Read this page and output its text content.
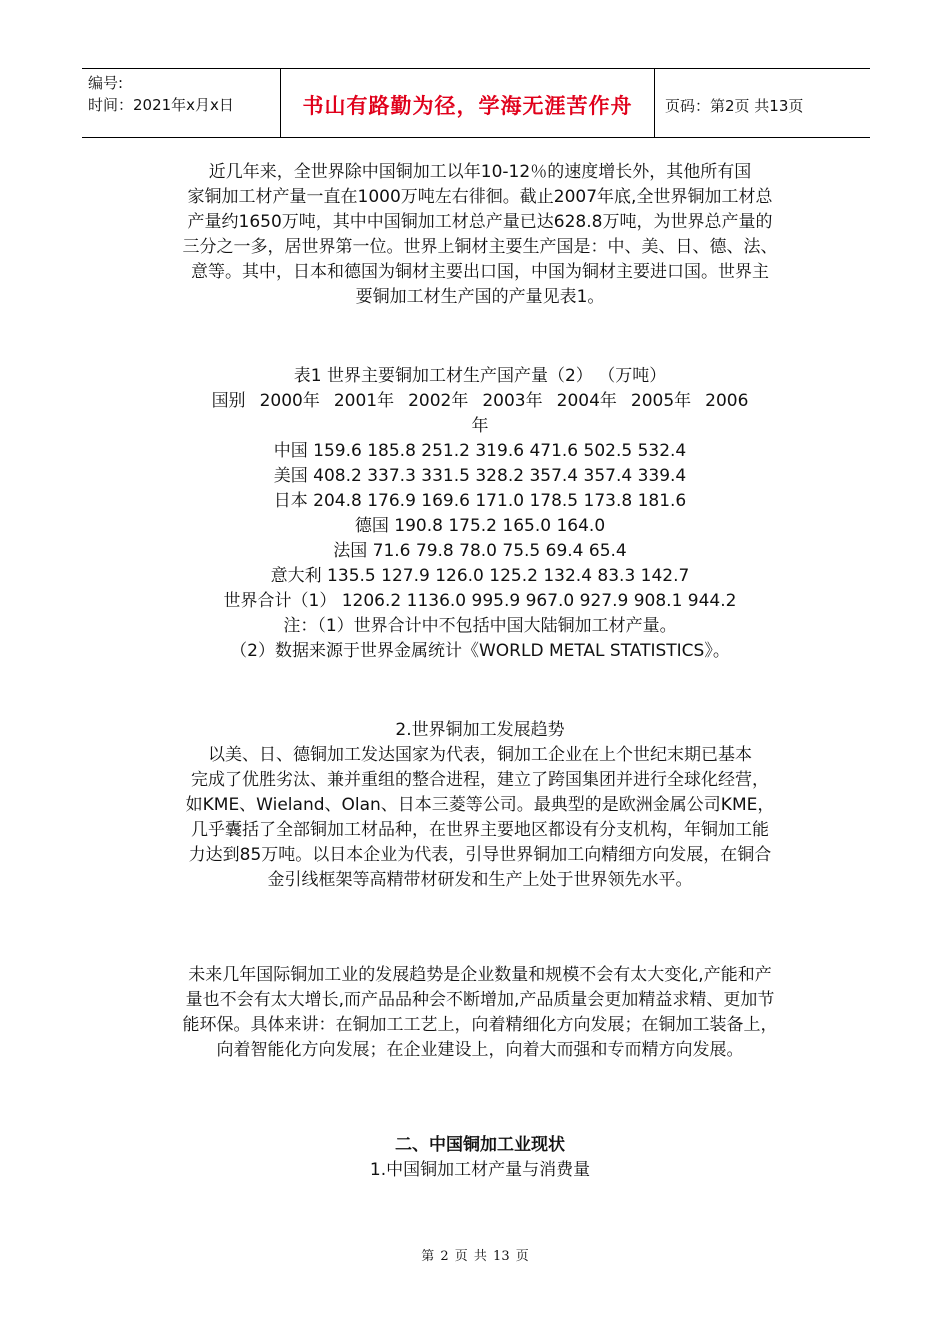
编号:
时间：2021年x月x日	书山有路勤为径，学海无涯苦作舟 页码：第2页 共13页

近几年来，全世界除中国铜加工以年10-12％的速度增长外，其他所有国

家铜加工材产量一直在1000万吨左右徘徊。截止2007年底,全世界铜加工材总

产量约1650万吨，其中中国铜加工材总产量已达628.8万吨，为世界总产量的

三分之一多，居世界第一位。世界上铜材主要生产国是：中、美、日、德、法、

意等。其中，日本和德国为铜材主要出口国，中国为铜材主要进口国。世界主

要铜加工材生产国的产量见表1。

表1 世界主要铜加工材生产国产量（2） （万吨）

国别 2000年 2001年 2002年 2003年 2004年 2005年 2006

年

中国 159.6 185.8 251.2 319.6 471.6 502.5 532.4

美国 408.2 337.3 331.5 328.2 357.4 357.4 339.4

日本 204.8 176.9 169.6 171.0 178.5 173.8 181.6

德国 190.8 175.2 165.0 164.0

法国 71.6 79.8 78.0 75.5 69.4 65.4

意大利 135.5 127.9 126.0 125.2 132.4 83.3 142.7

世界合计（1） 1206.2 1136.0 995.9 967.0 927.9 908.1 944.2

注：（1）世界合计中不包括中国大陆铜加工材产量。

（2）数据来源于世界金属统计《WORLD METAL STATISTICS》。

2.世界铜加工发展趋势

以美、日、德铜加工发达国家为代表，铜加工企业在上个世纪末期已基本

完成了优胜劣汰、兼并重组的整合进程，建立了跨国集团并进行全球化经营，

如KME、Wieland、Olan、日本三菱等公司。最典型的是欧洲金属公司KME，

几乎囊括了全部铜加工材品种，在世界主要地区都设有分支机构，年铜加工能

力达到85万吨。以日本企业为代表，引导世界铜加工向精细方向发展，在铜合

金引线框架等高精带材研发和生产上处于世界领先水平。

未来几年国际铜加工业的发展趋势是企业数量和规模不会有太大变化,产能和产

量也不会有太大增长,而产品品种会不断增加,产品质量会更加精益求精、更加节

能环保。具体来讲：在铜加工工艺上，向着精细化方向发展；在铜加工装备上，

向着智能化方向发展；在企业建设上，向着大而强和专而精方向发展。

二、中国铜加工业现状

1.中国铜加工材产量与消费量

第 2 页 共 13 页
